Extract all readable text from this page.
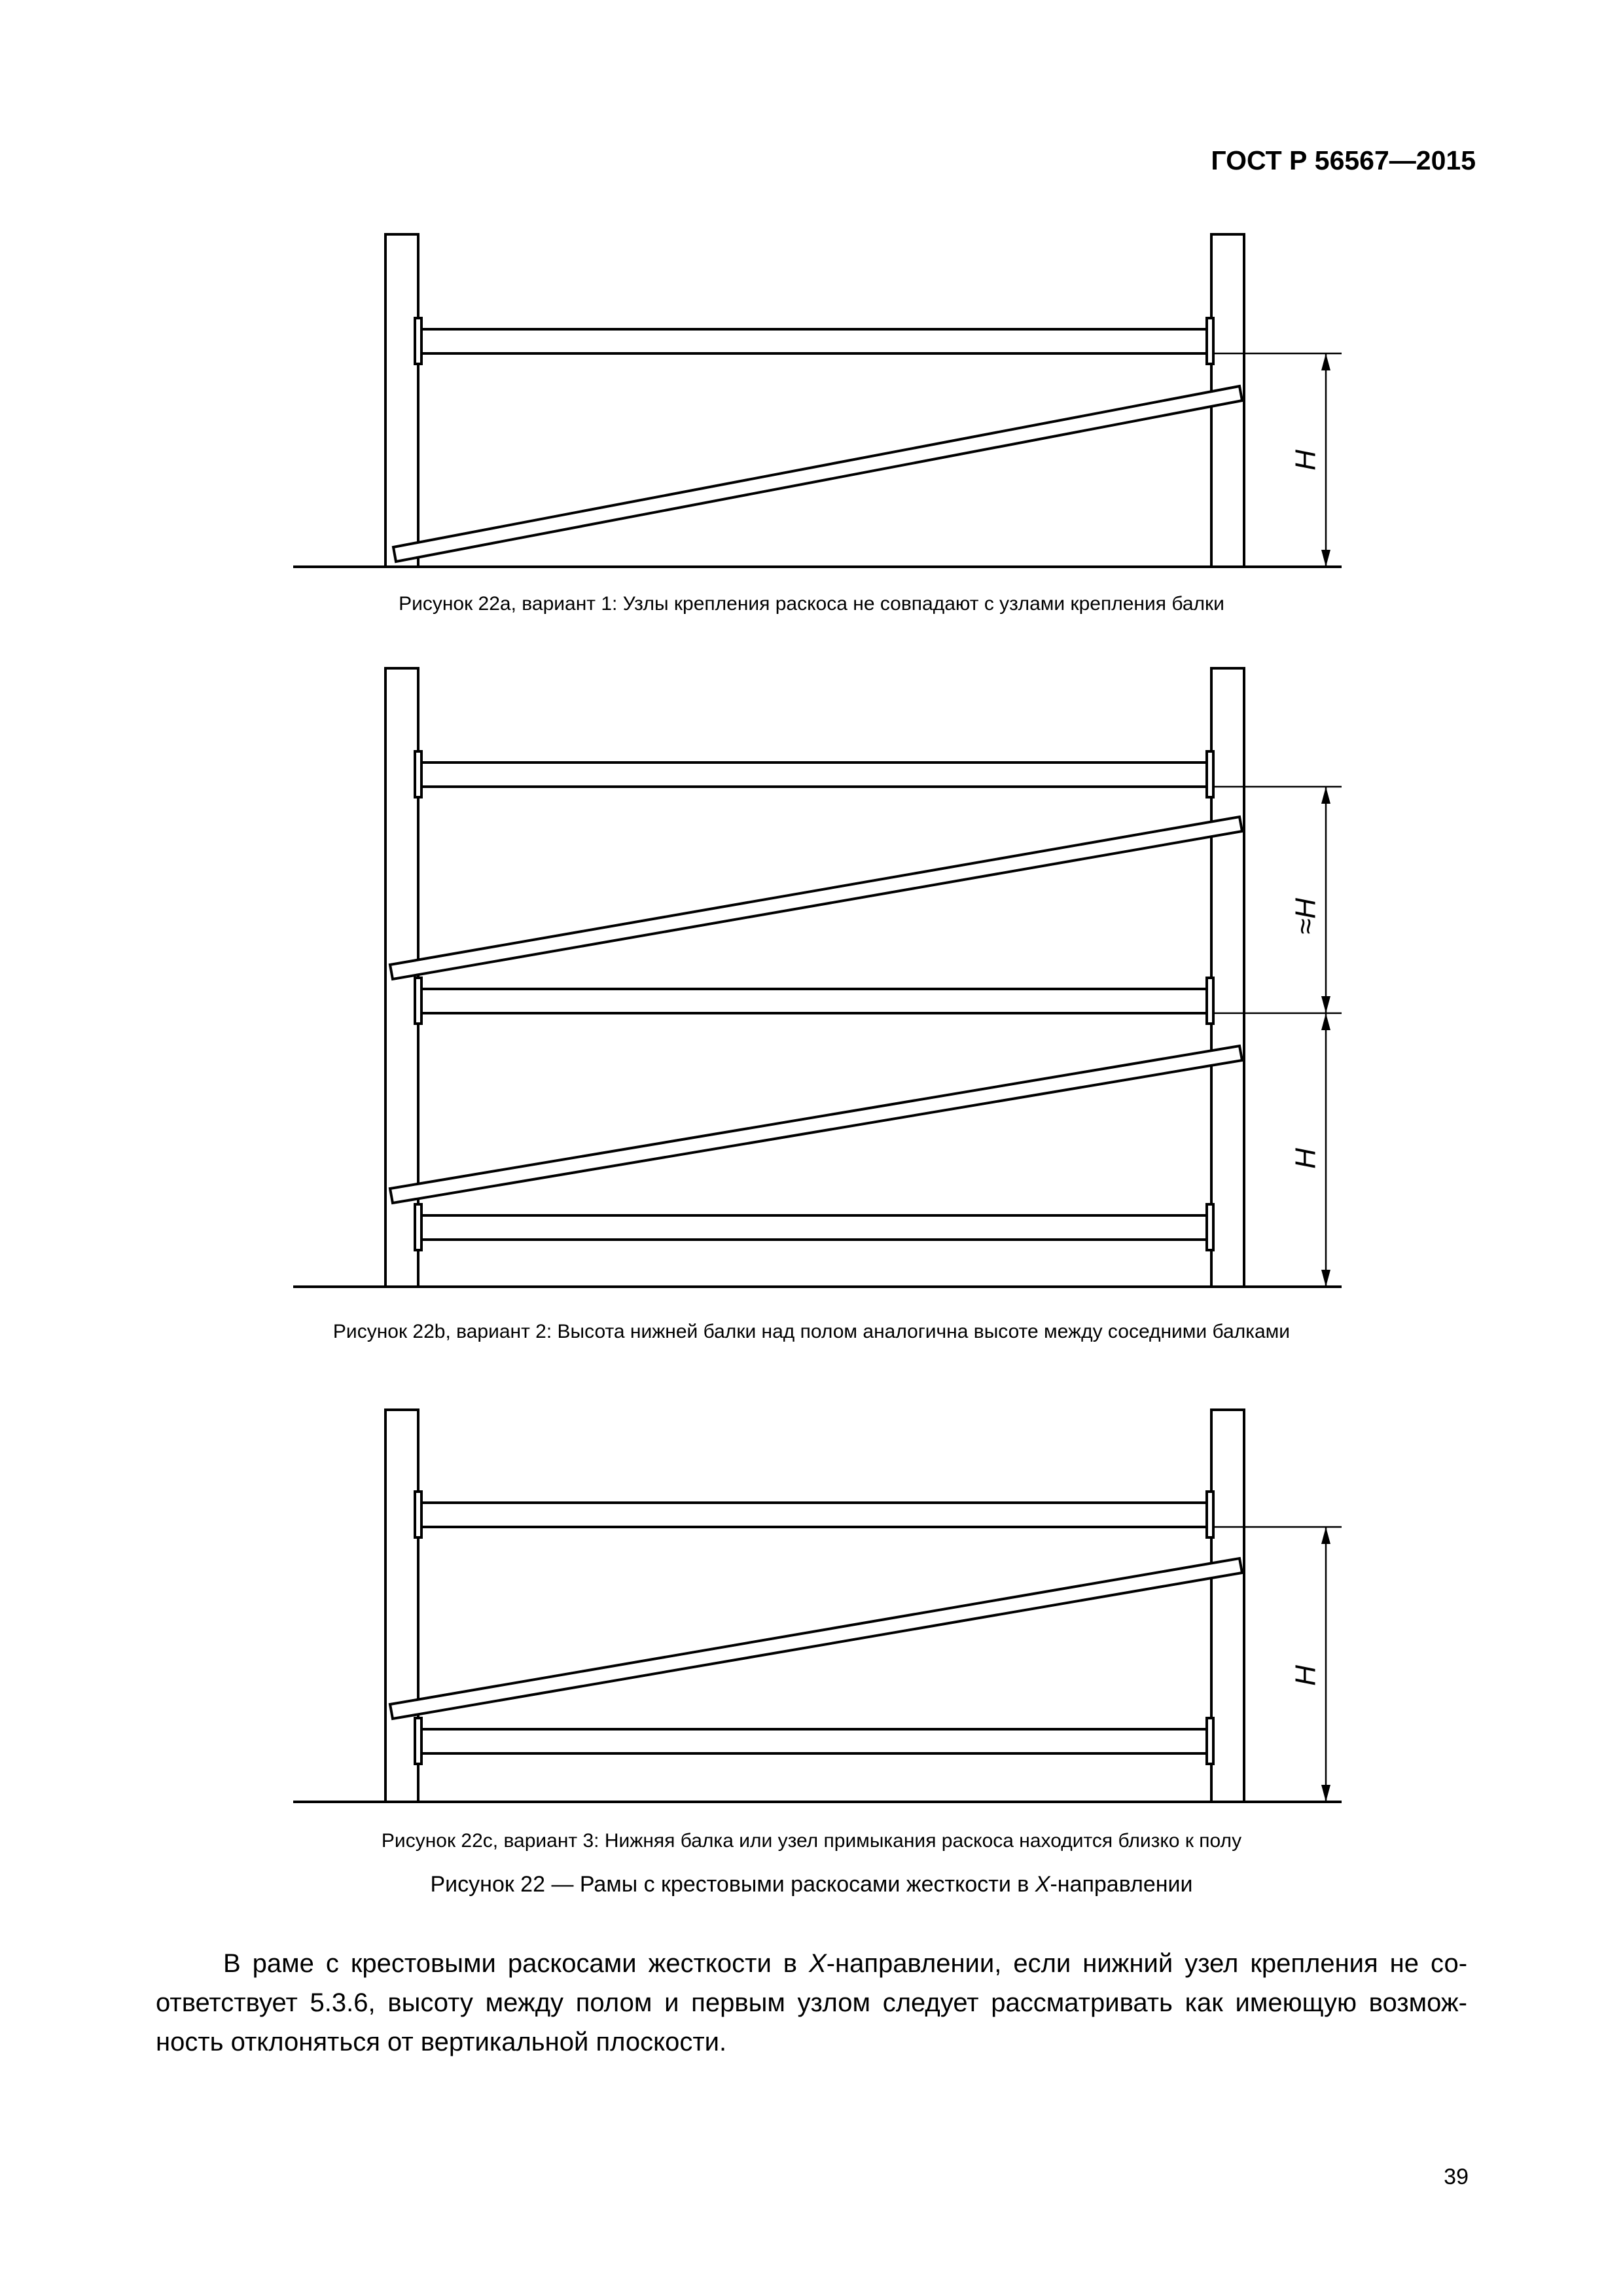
ГОСТ Р 56567—2015
H
Рисунок 22a, вариант 1: Узлы крепления раскоса не совпадают с узлами крепления балки
≈H
H
Рисунок 22b, вариант 2: Высота нижней балки над полом аналогична высоте между соседними балками
H
Рисунок 22c, вариант 3: Нижняя балка или узел примыкания раскоса находится близко к полу
Рисунок 22 — Рамы с крестовыми раскосами жесткости в X-направлении
В раме с крестовыми раскосами жесткости в X-направлении, если нижний узел крепления не со-
ответствует 5.3.6, высоту между полом и первым узлом следует рассматривать как имеющую возмож-
ность отклоняться от вертикальной плоскости.
39
